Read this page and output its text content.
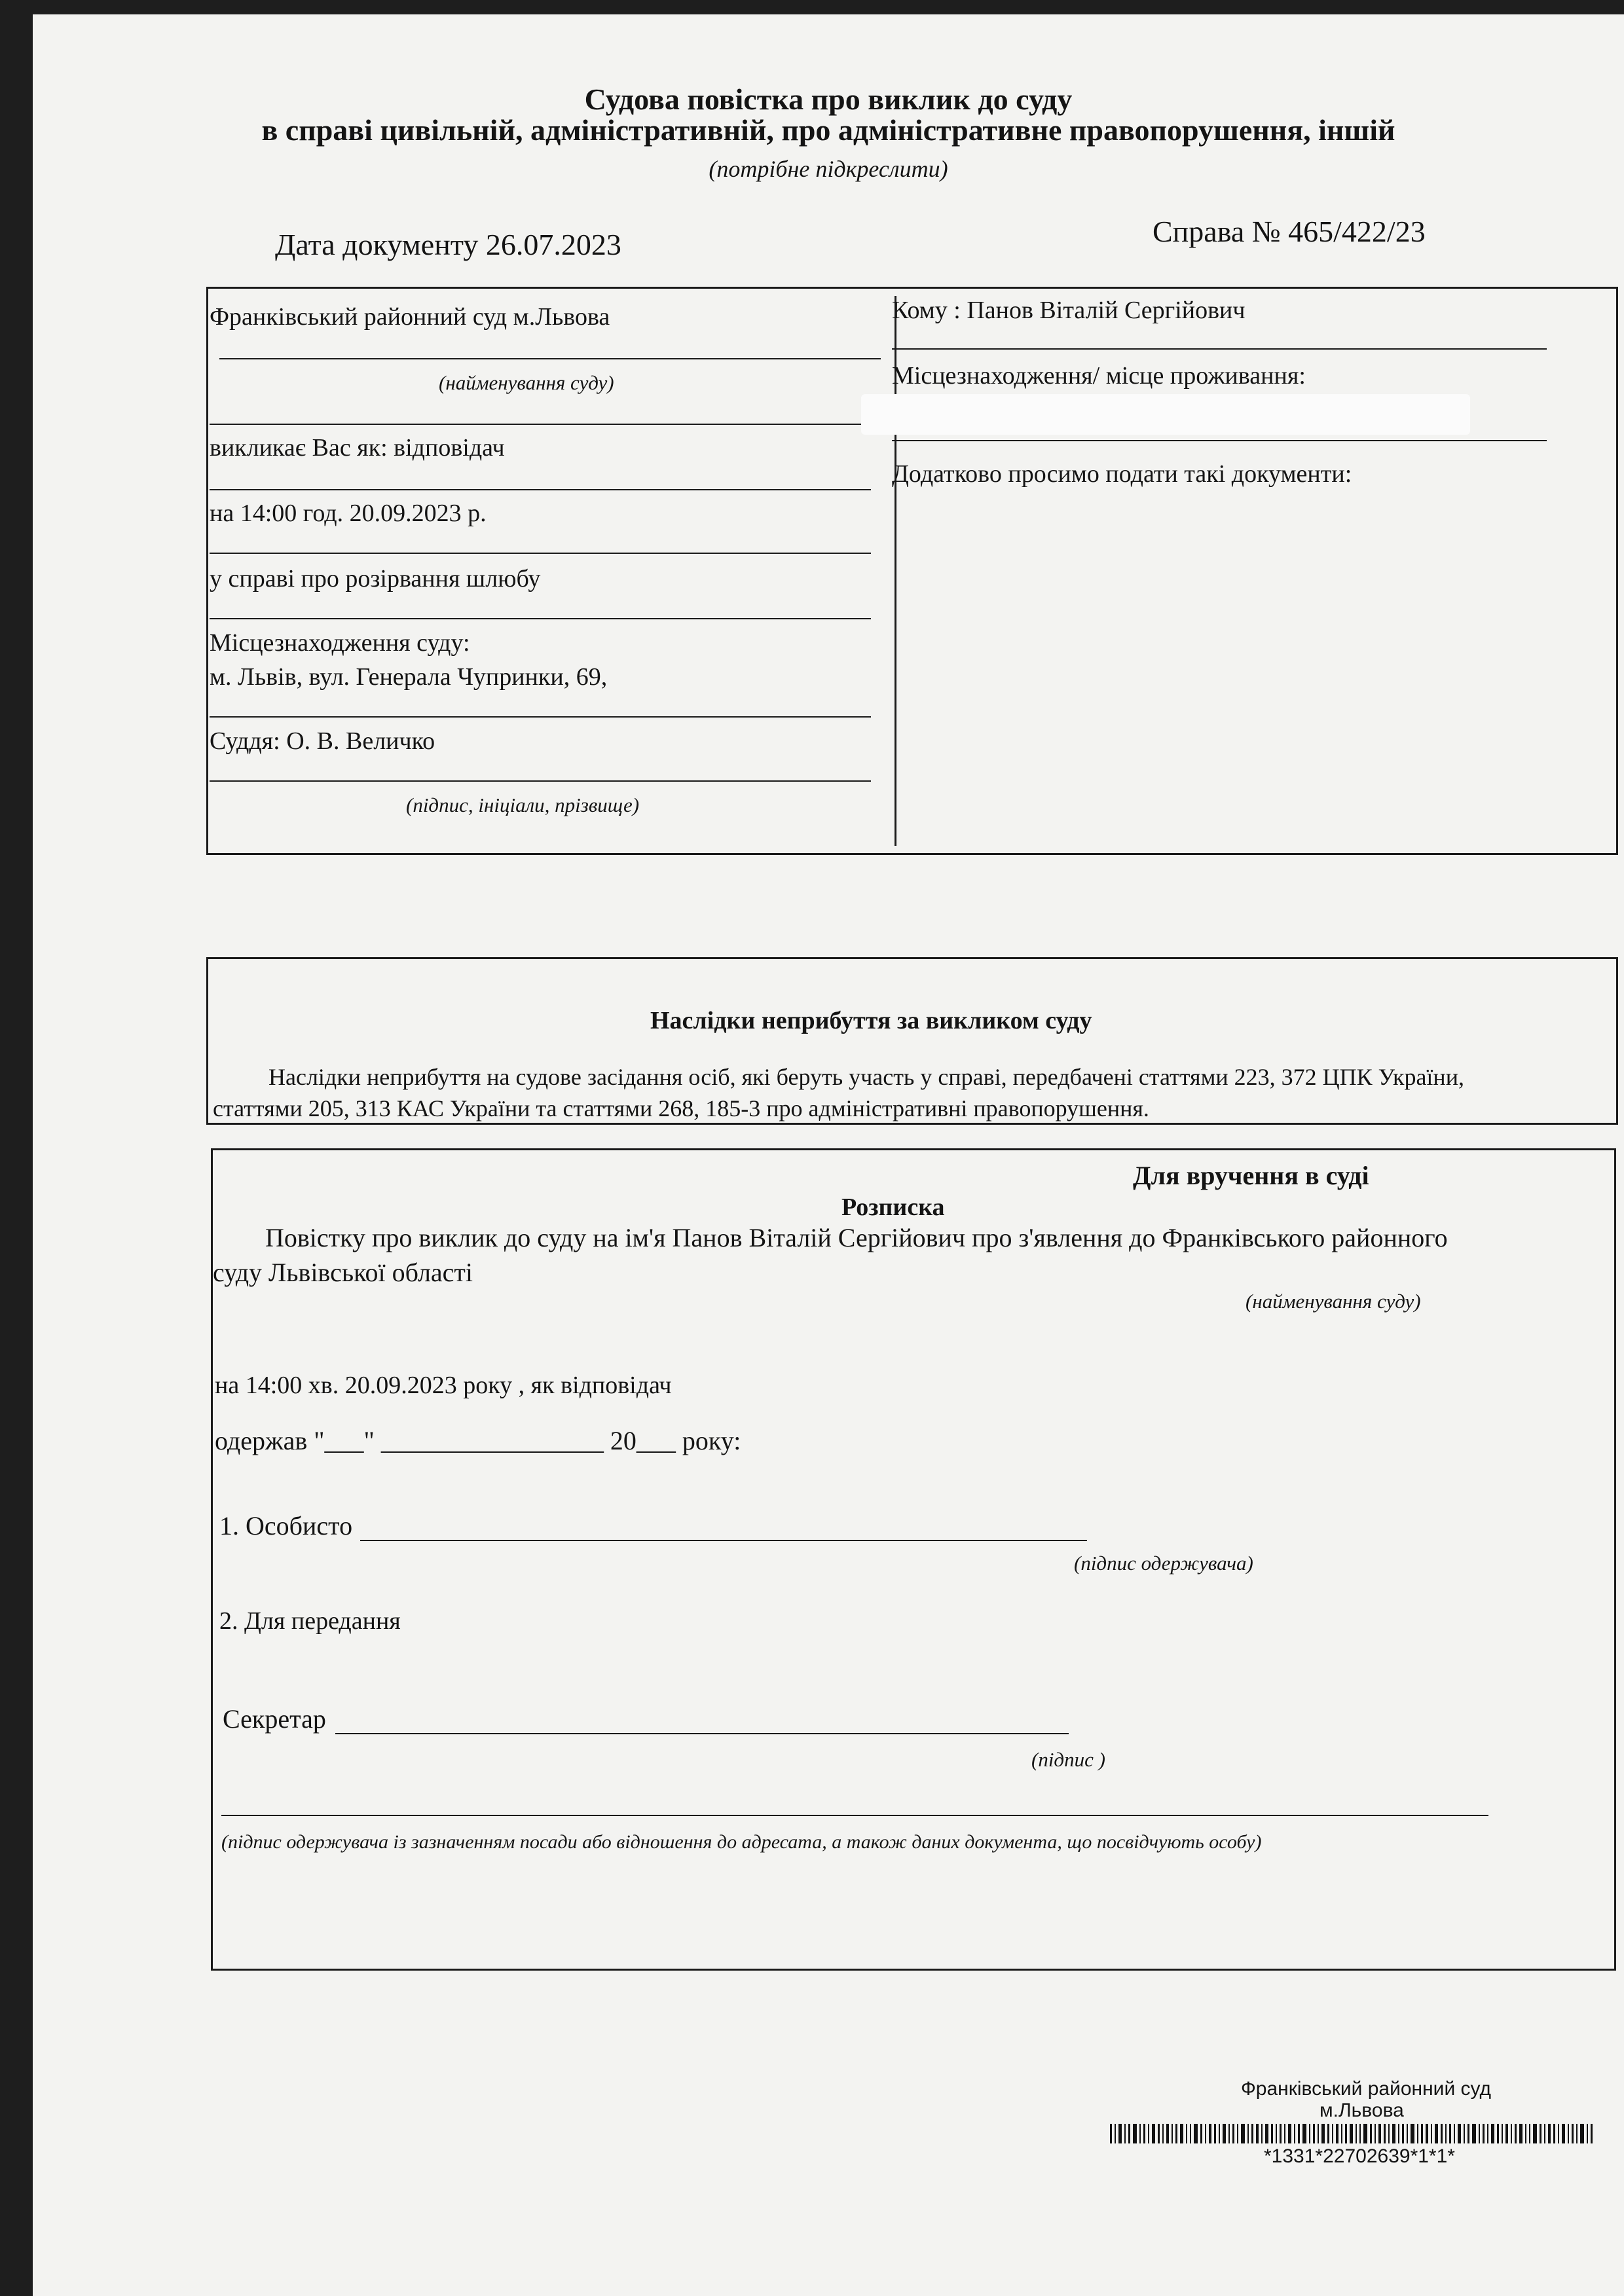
Судова повістка про виклик до суду
в справі цивільній, адміністративній, про адміністративне правопорушення, іншій
(потрібне підкреслити)
Дата документу 26.07.2023	Справа № 465/422/23
Франківський районний суд м.Львова
(найменування суду)
викликає Вас як: відповідач
на 14:00 год. 20.09.2023 р.
у справі про розірвання шлюбу
Місцезнаходження суду:
м. Львів, вул. Генерала Чупринки, 69,
Суддя: О. В. Величко
(підпис, ініціали, прізвище)
Кому : Панов Віталій Сергійович
Місцезнаходження/ місце проживання:
Додатково просимо подати такі документи:
Наслідки неприбуття за викликом суду
Наслідки неприбуття на судове засідання осіб, які беруть участь у справі, передбачені статтями 223, 372 ЦПК України,
статтями 205, 313 КАС України та статтями 268, 185-3 про адміністративні правопорушення.
Для вручення в суді
Розписка
Повістку про виклик до суду на ім'я Панов Віталій Сергійович про з'явлення до Франківського районного
суду Львівської області
(найменування суду)
на 14:00 хв. 20.09.2023 року , як відповідач
одержав "___" _________________ 20___ року:
1. Особисто
(підпис одержувача)
2. Для передання
Секретар
(підпис )
(підпис одержувача із зазначенням посади або відношення до адресата, а також даних документа, що посвідчують особу)
Франківський районний суд
м.Львова
*1331*22702639*1*1*
